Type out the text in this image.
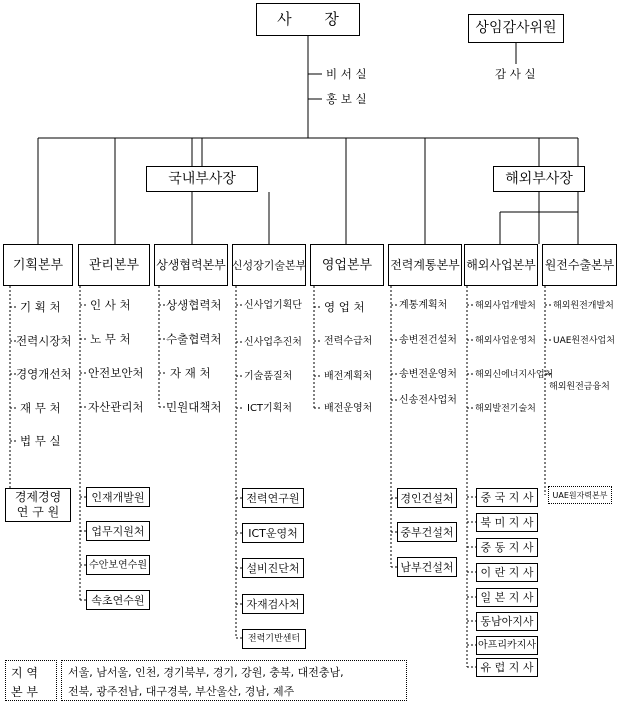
사 장	상임감사위원
감 사 실
비 서 실
홍 보 실
국내부사장	해외부사장
기획본부	관리본부	상생협력본부 신성장기술본부	영업본부	전력계통본부 해외사업본부 원전수출본부
기 획 처
전력시장처
경영개선처
재 무 처
법 무 실
인 사 처
노 무 처
안전보안처
자산관리처
상생협력처
수출협력처
자 재 처
민원대책처
신사업기획단
신사업추진처
기술품질처
ICT기획처
영 업 처
전력수급처
배전계획처
배전운영처
계통계획처
송변전건설처
송변전운영처
신송전사업처
해외사업개발처
해외사업운영처
해외신에너지사업처
해외발전기술처
해외원전개발처
UAE원전사업처
해외원전금융처
경제경영
연 구 원
인재개발원
업무지원처
수안보연수원
속초연수원
전력연구원
ICT운영처
설비진단처
자재검사처
전력기반센터
경인건설처
중부건설처
남부건설처
중 국 지 사
북 미 지 사
중 동 지 사
이 란 지 사
일 본 지 사
동남아지사
아프리카지사
유 럽 지 사
UAE원자력본부
지 역
본 부
서울, 남서울, 인천, 경기북부, 경기, 강원, 충북, 대전충남,
전북, 광주전남, 대구경북, 부산울산, 경남, 제주
